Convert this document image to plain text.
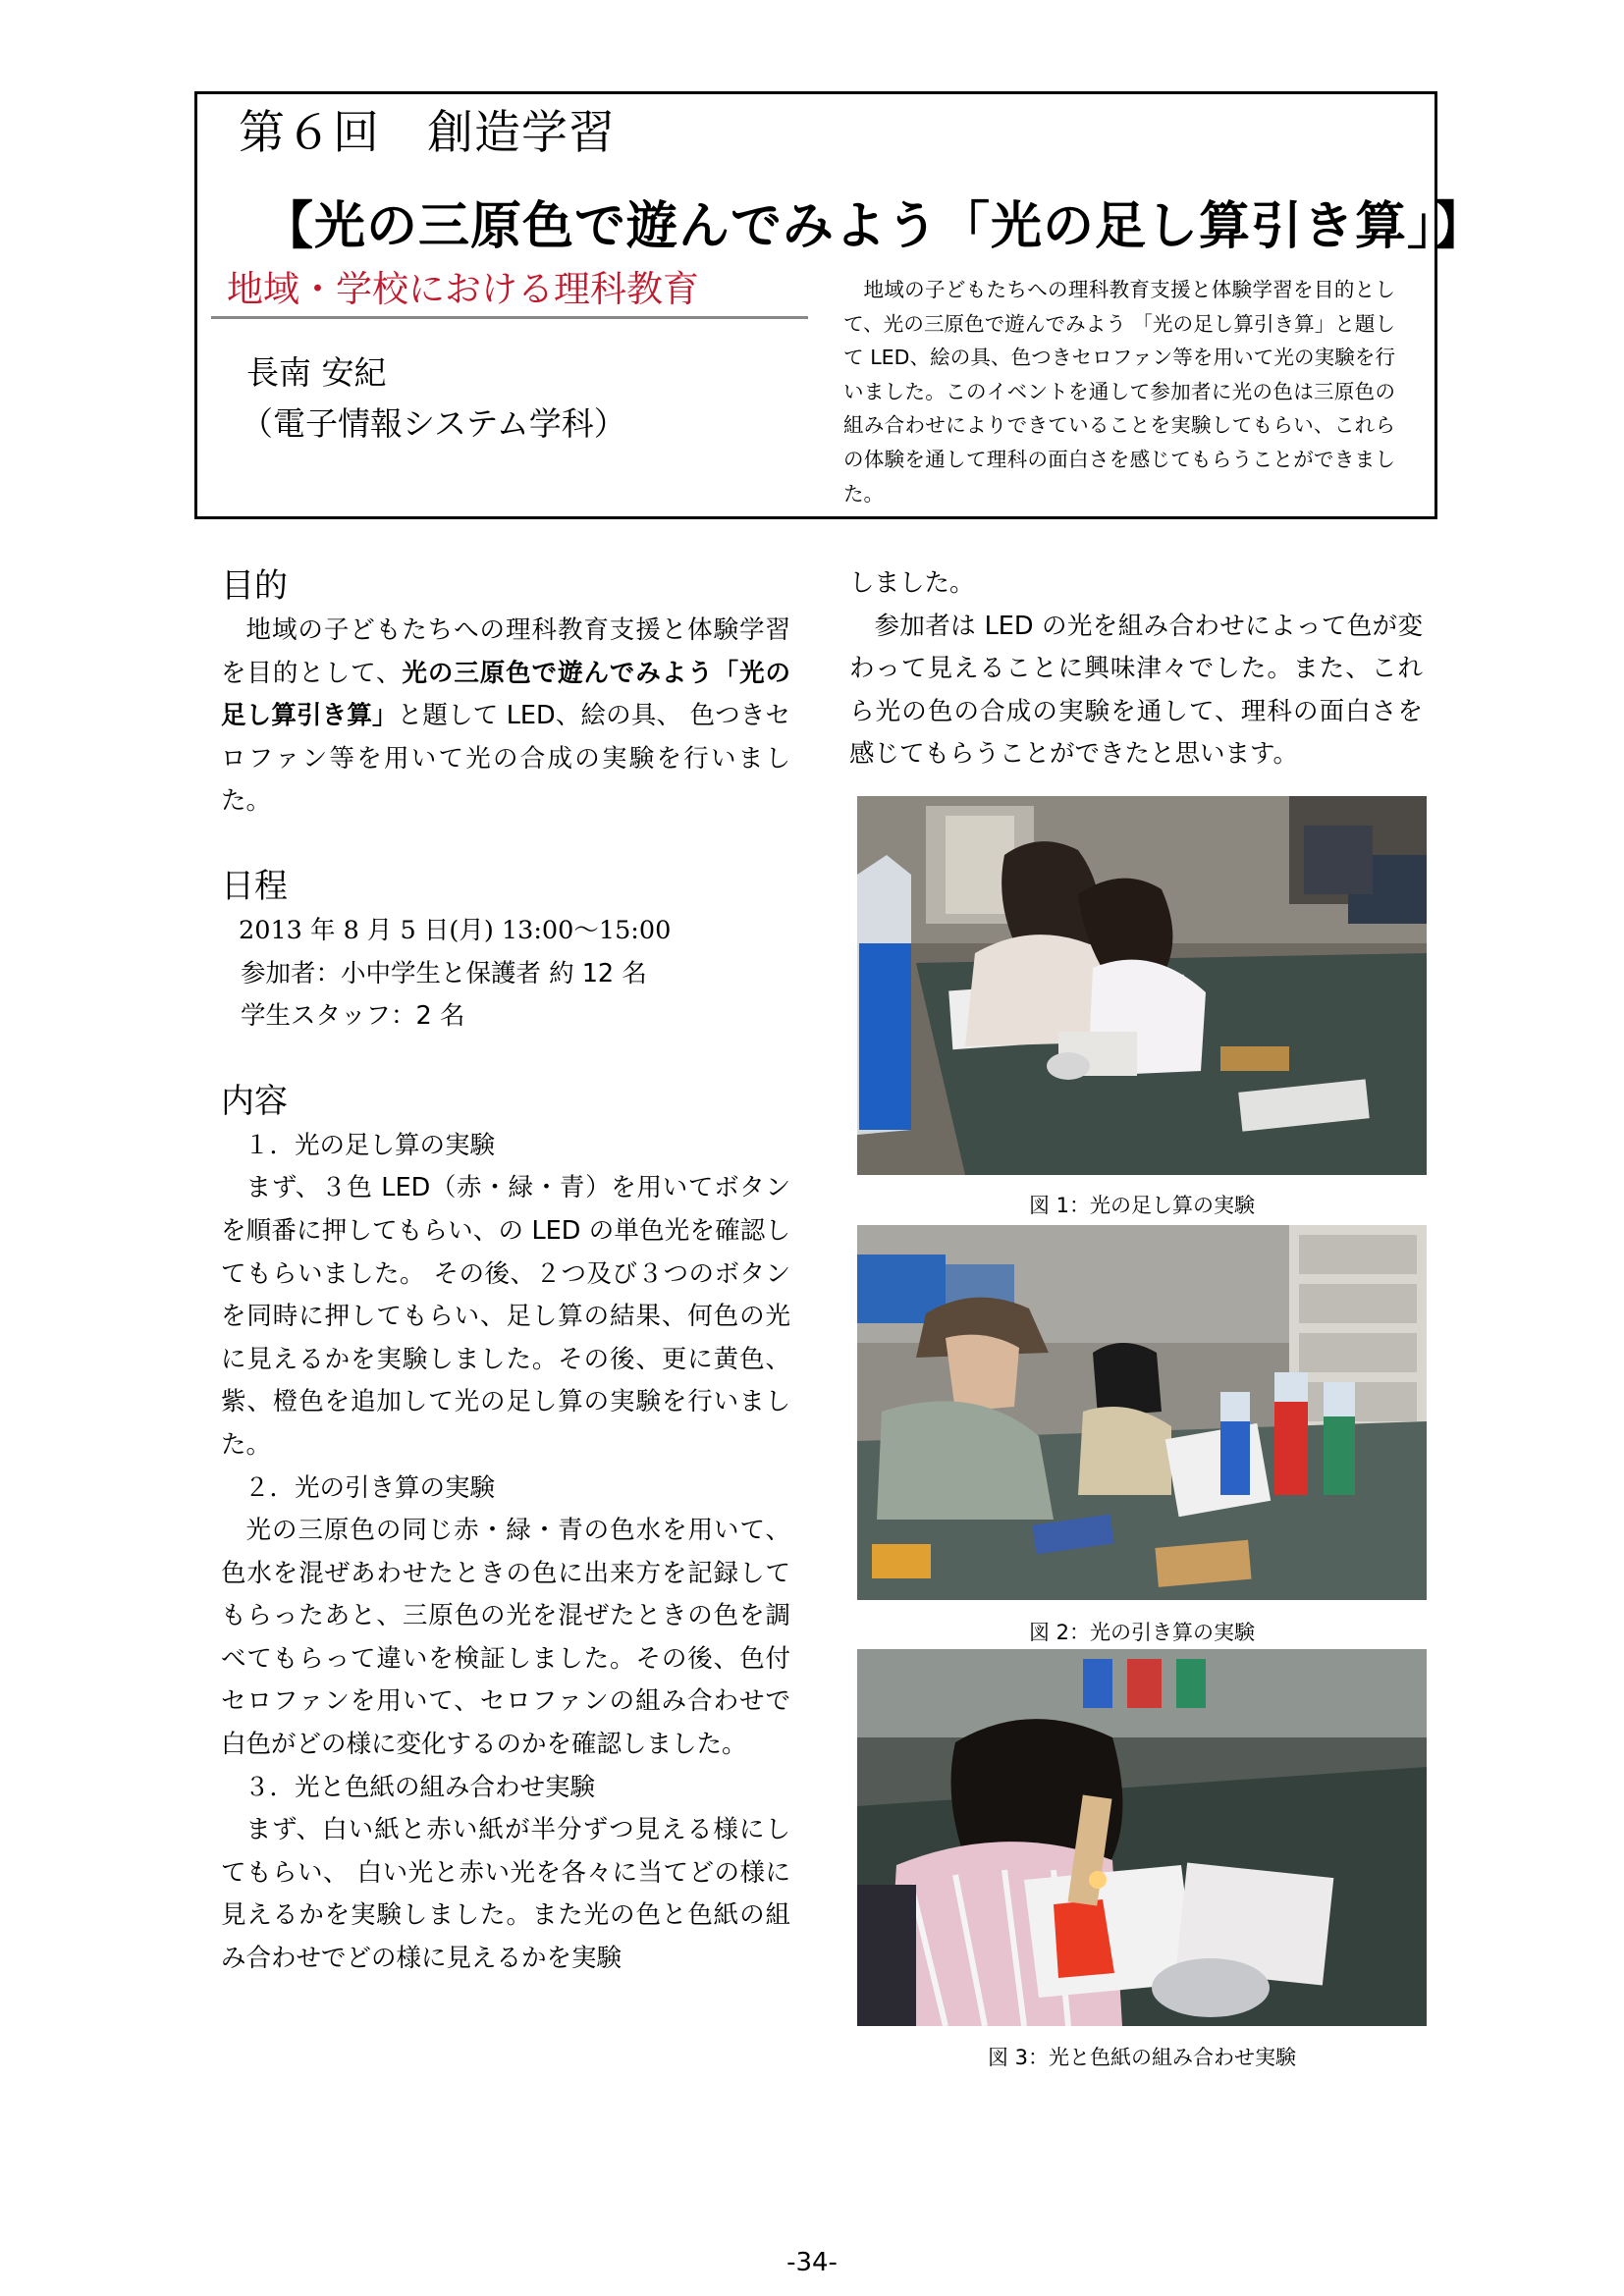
第６回　創造学習
【光の三原色で遊んでみよう「光の足し算引き算」】
地域・学校における理科教育
長南 安紀
（電子情報システム学科）
地域の子どもたちへの理科教育支援と体験学習を目的として、光の三原色で遊んでみよう 「光の足し算引き算」と題して LED、絵の具、色つきセロファン等を用いて光の実験を行いました。このイベントを通して参加者に光の色は三原色の組み合わせによりできていることを実験してもらい、これらの体験を通して理科の面白さを感じてもらうことができました。
目的

地域の子どもたちへの理科教育支援と体験学習を目的として、光の三原色で遊んでみよう「光の足し算引き算」と題して LED、絵の具、 色つきセロファン等を用いて光の合成の実験を行いました。

日程

2013 年 8 月 5 日(月) 13:00～15:00

参加者：小中学生と保護者 約 12 名

学生スタッフ：2 名

内容

１．光の足し算の実験

まず、３色 LED（赤・緑・青）を用いてボタンを順番に押してもらい、の LED の単色光を確認してもらいました。 その後、２つ及び３つのボタンを同時に押してもらい、足し算の結果、何色の光に見えるかを実験しました。その後、更に黄色、紫、橙色を追加して光の足し算の実験を行いました。

２．光の引き算の実験

光の三原色の同じ赤・緑・青の色水を用いて、色水を混ぜあわせたときの色に出来方を記録してもらったあと、三原色の光を混ぜたときの色を調べてもらって違いを検証しました。その後、色付セロファンを用いて、セロファンの組み合わせで白色がどの様に変化するのかを確認しました。

３．光と色紙の組み合わせ実験

まず、白い紙と赤い紙が半分ずつ見える様にしてもらい、 白い光と赤い光を各々に当てどの様に見えるかを実験しました。また光の色と色紙の組み合わせでどの様に見えるかを実験

しました。

参加者は LED の光を組み合わせによって色が変わって見えることに興味津々でした。また、これら光の色の合成の実験を通して、理科の面白さを感じてもらうことができたと思います。

図 1：光の足し算の実験
図 2：光の引き算の実験
図 3：光と色紙の組み合わせ実験
-34-
